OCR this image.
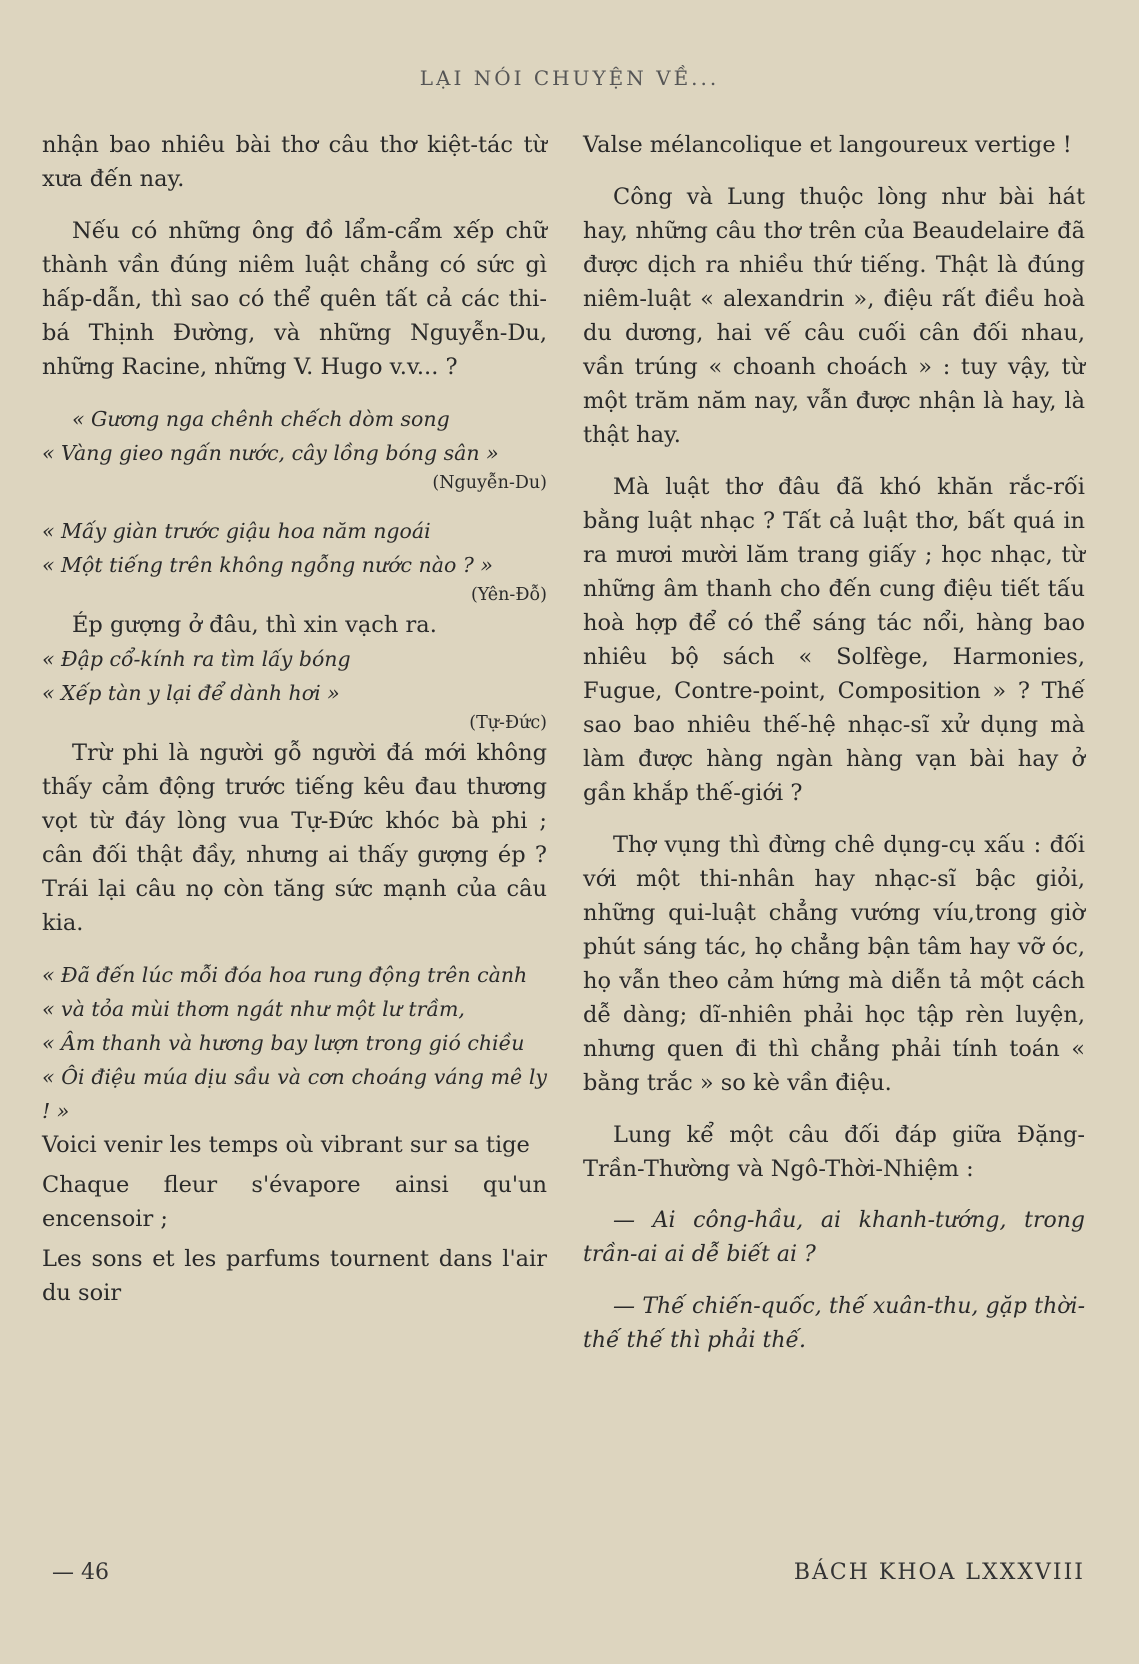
LẠI NÓI CHUYỆN VỀ...

nhận bao nhiêu bài thơ câu thơ kiệt-tác từ xưa đến nay.

Nếu có những ông đồ lẩm-cẩm xếp chữ thành vần đúng niêm luật chẳng có sức gì hấp-dẫn, thì sao có thể quên tất cả các thi-bá Thịnh Đường, và những Nguyễn-Du, những Racine, những V. Hugo v.v... ?

« Gương nga chênh chếch dòm song

« Vàng gieo ngấn nước, cây lồng bóng sân »

(Nguyễn-Du)

« Mấy giàn trước giậu hoa năm ngoái

« Một tiếng trên không ngỗng nước nào ? »

(Yên-Đỗ)

Ép gượng ở đâu, thì xin vạch ra.

« Đập cổ-kính ra tìm lấy bóng

« Xếp tàn y lại để dành hơi »

(Tự-Đức)

Trừ phi là người gỗ người đá mới không thấy cảm động trước tiếng kêu đau thương vọt từ đáy lòng vua Tự-Đức khóc bà phi ; cân đối thật đầy, nhưng ai thấy gượng ép ? Trái lại câu nọ còn tăng sức mạnh của câu kia.

« Đã đến lúc mỗi đóa hoa rung động trên cành

« và tỏa mùi thơm ngát như một lư trầm,

« Âm thanh và hương bay lượn trong gió chiều

« Ôi điệu múa dịu sầu và cơn choáng váng mê ly ! »

Voici venir les temps où vibrant sur sa tige

Chaque fleur s'évapore ainsi qu'un encensoir ;

Les sons et les parfums tournent dans l'air du soir

Valse mélancolique et langoureux vertige !

Công và Lung thuộc lòng như bài hát hay, những câu thơ trên của Beaudelaire đã được dịch ra nhiều thứ tiếng. Thật là đúng niêm-luật « alexandrin », điệu rất điều hoà du dương, hai vế câu cuối cân đối nhau, vần trúng « choanh choách » : tuy vậy, từ một trăm năm nay, vẫn được nhận là hay, là thật hay.

Mà luật thơ đâu đã khó khăn rắc-rối bằng luật nhạc ? Tất cả luật thơ, bất quá in ra mươi mười lăm trang giấy ; học nhạc, từ những âm thanh cho đến cung điệu tiết tấu hoà hợp để có thể sáng tác nổi, hàng bao nhiêu bộ sách « Solfège, Harmonies, Fugue, Contre-point, Composition » ? Thế sao bao nhiêu thế-hệ nhạc-sĩ xử dụng mà làm được hàng ngàn hàng vạn bài hay ở gần khắp thế-giới ?

Thợ vụng thì đừng chê dụng-cụ xấu : đối với một thi-nhân hay nhạc-sĩ bậc giỏi, những qui-luật chẳng vướng víu,trong giờ phút sáng tác, họ chẳng bận tâm hay vỡ óc, họ vẫn theo cảm hứng mà diễn tả một cách dễ dàng; dĩ-nhiên phải học tập rèn luyện, nhưng quen đi thì chẳng phải tính toán « bằng trắc » so kè vần điệu.

Lung kể một câu đối đáp giữa Đặng-Trần-Thường và Ngô-Thời-Nhiệm :

— Ai công-hầu, ai khanh-tướng, trong trần-ai ai dễ biết ai ?

— Thế chiến-quốc, thế xuân-thu, gặp thời-thế thế thì phải thế.

— 46	BÁCH KHOA LXXXVIII
